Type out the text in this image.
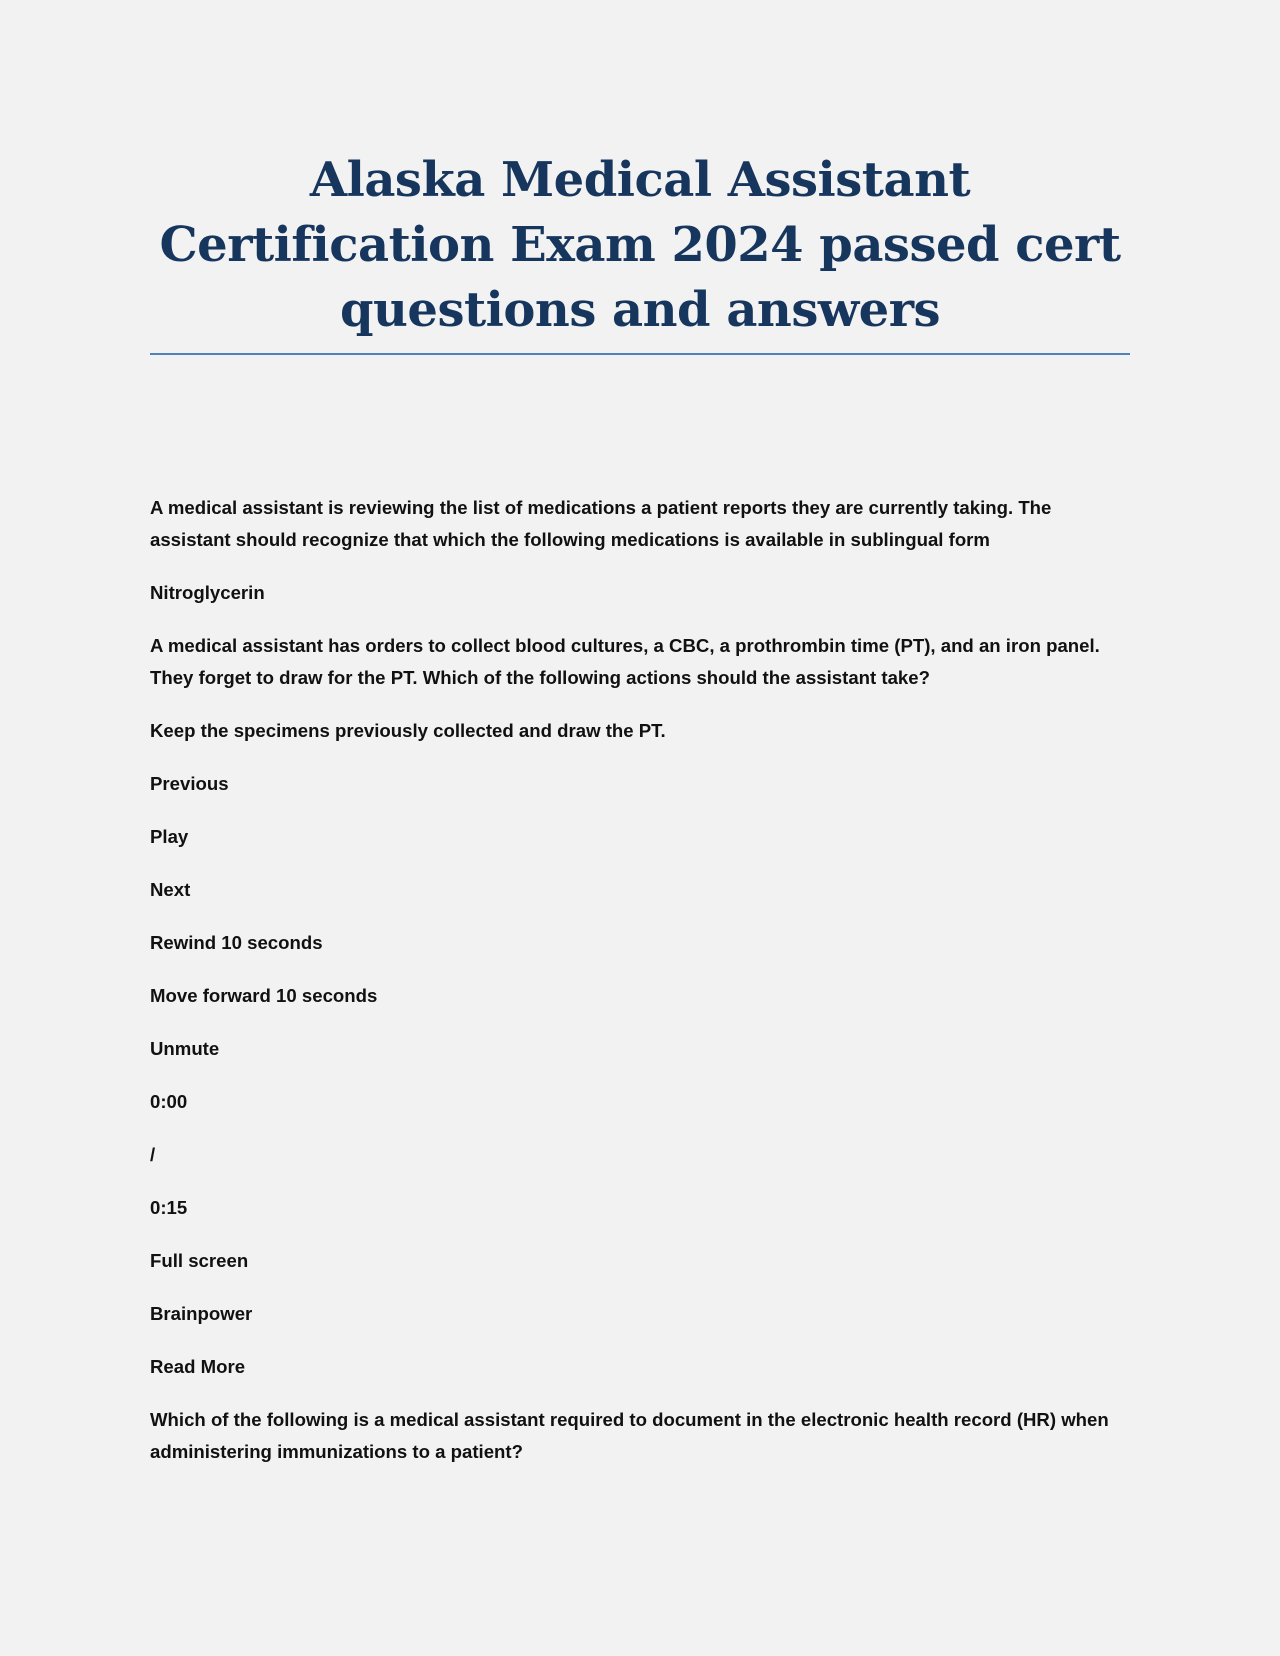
Alaska Medical Assistant Certification Exam 2024 passed cert questions and answers

A medical assistant is reviewing the list of medications a patient reports they are currently taking. The assistant should recognize that which the following medications is available in sublingual form

Nitroglycerin

A medical assistant has orders to collect blood cultures, a CBC, a prothrombin time (PT), and an iron panel. They forget to draw for the PT. Which of the following actions should the assistant take?

Keep the specimens previously collected and draw the PT.

Previous

Play

Next

Rewind 10 seconds

Move forward 10 seconds

Unmute

0:00

/

0:15

Full screen

Brainpower

Read More

Which of the following is a medical assistant required to document in the electronic health record (HR) when administering immunizations to a patient?
